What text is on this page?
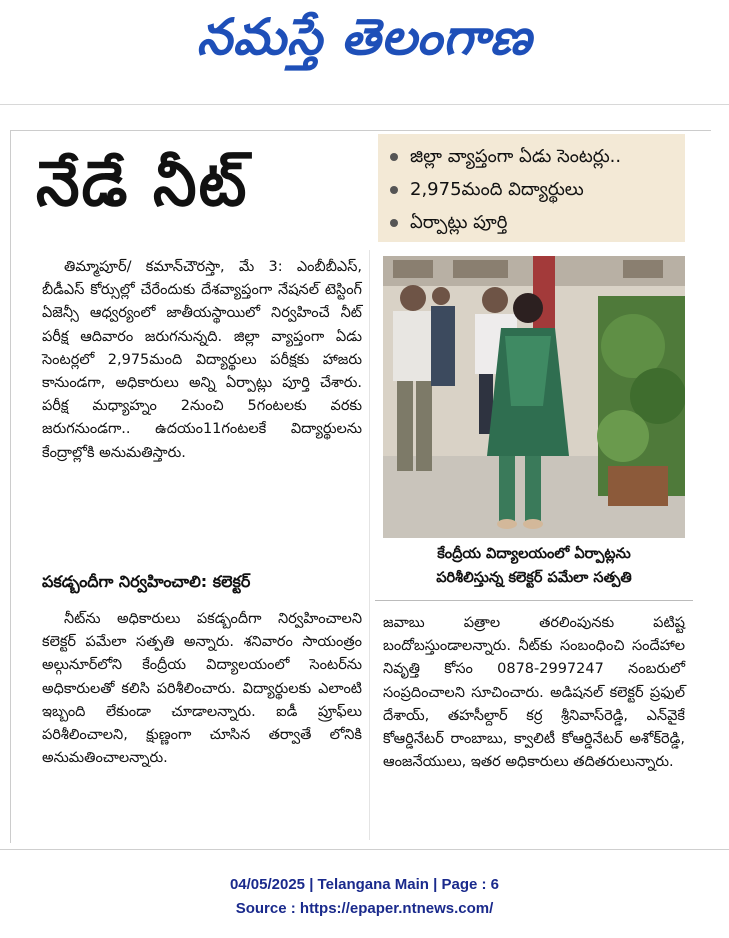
నమస్తే తెలంగాణ
నేడే నీట్	జిల్లా వ్యాప్తంగా ఏడు సెంటర్లు..
2,975మంది విద్యార్థులు
ఏర్పాట్లు పూర్తి

తిమ్మాపూర్/ కమాన్‌చౌరస్తా, మే 3: ఎంబీబీఎస్, బీడీఎస్ కోర్సుల్లో చేరేందుకు దేశవ్యాప్తంగా నేషనల్ టెస్టింగ్ ఏజెన్సీ ఆధ్వర్యంలో జాతీయస్థాయిలో నిర్వహించే నీట్ పరీక్ష ఆదివారం జరుగనున్నది. జిల్లా వ్యాప్తంగా ఏడు సెంటర్లలో 2,975మంది విద్యార్థులు పరీక్షకు హాజరు కానుండగా, అధికారులు అన్ని ఏర్పాట్లు పూర్తి చేశారు. పరీక్ష మధ్యాహ్నం 2నుంచి 5గంటలకు వరకు జరుగనుండగా.. ఉదయం11గంటలకే విద్యార్థులను కేంద్రాల్లోకి అనుమతిస్తారు.

పకడ్బందీగా నిర్వహించాలి: కలెక్టర్

నీట్‌ను అధికారులు పకడ్బందీగా నిర్వహించాలని కలెక్టర్ పమేలా సత్పతి అన్నారు. శనివారం సాయంత్రం అల్గునూర్‌లోని కేంద్రీయ విద్యాలయంలో సెంటర్‌ను అధికారులతో కలిసి పరిశీలించారు. విద్యార్థులకు ఎలాంటి ఇబ్బంది లేకుండా చూడాలన్నారు. ఐడీ ప్రూఫ్‌లు పరిశీలించాలని, క్షుణ్ణంగా చూసిన తర్వాతే లోనికి అనుమతించాలన్నారు.

కేంద్రీయ విద్యాలయంలో ఏర్పాట్లను
పరిశీలిస్తున్న కలెక్టర్ పమేలా సత్పతి

జవాబు పత్రాల తరలింపునకు పటిష్ట బందోబస్తుండాలన్నారు. నీట్‌కు సంబంధించి సందేహాల నివృత్తి కోసం 0878-2997247 నంబరులో సంప్రదించాలని సూచించారు. అడిషనల్ కలెక్టర్ ప్రఫుల్ దేశాయ్, తహసీల్దార్ కర్ర శ్రీనివాస్‌రెడ్డి, ఎన్‌వైకే కోఆర్డినేటర్ రాంబాబు, క్వాలిటీ కోఆర్డినేటర్ అశోక్‌రెడ్డి, ఆంజనేయులు, ఇతర అధికారులు తదితరులున్నారు.

04/05/2025 | Telangana Main | Page : 6
Source : https://epaper.ntnews.com/
